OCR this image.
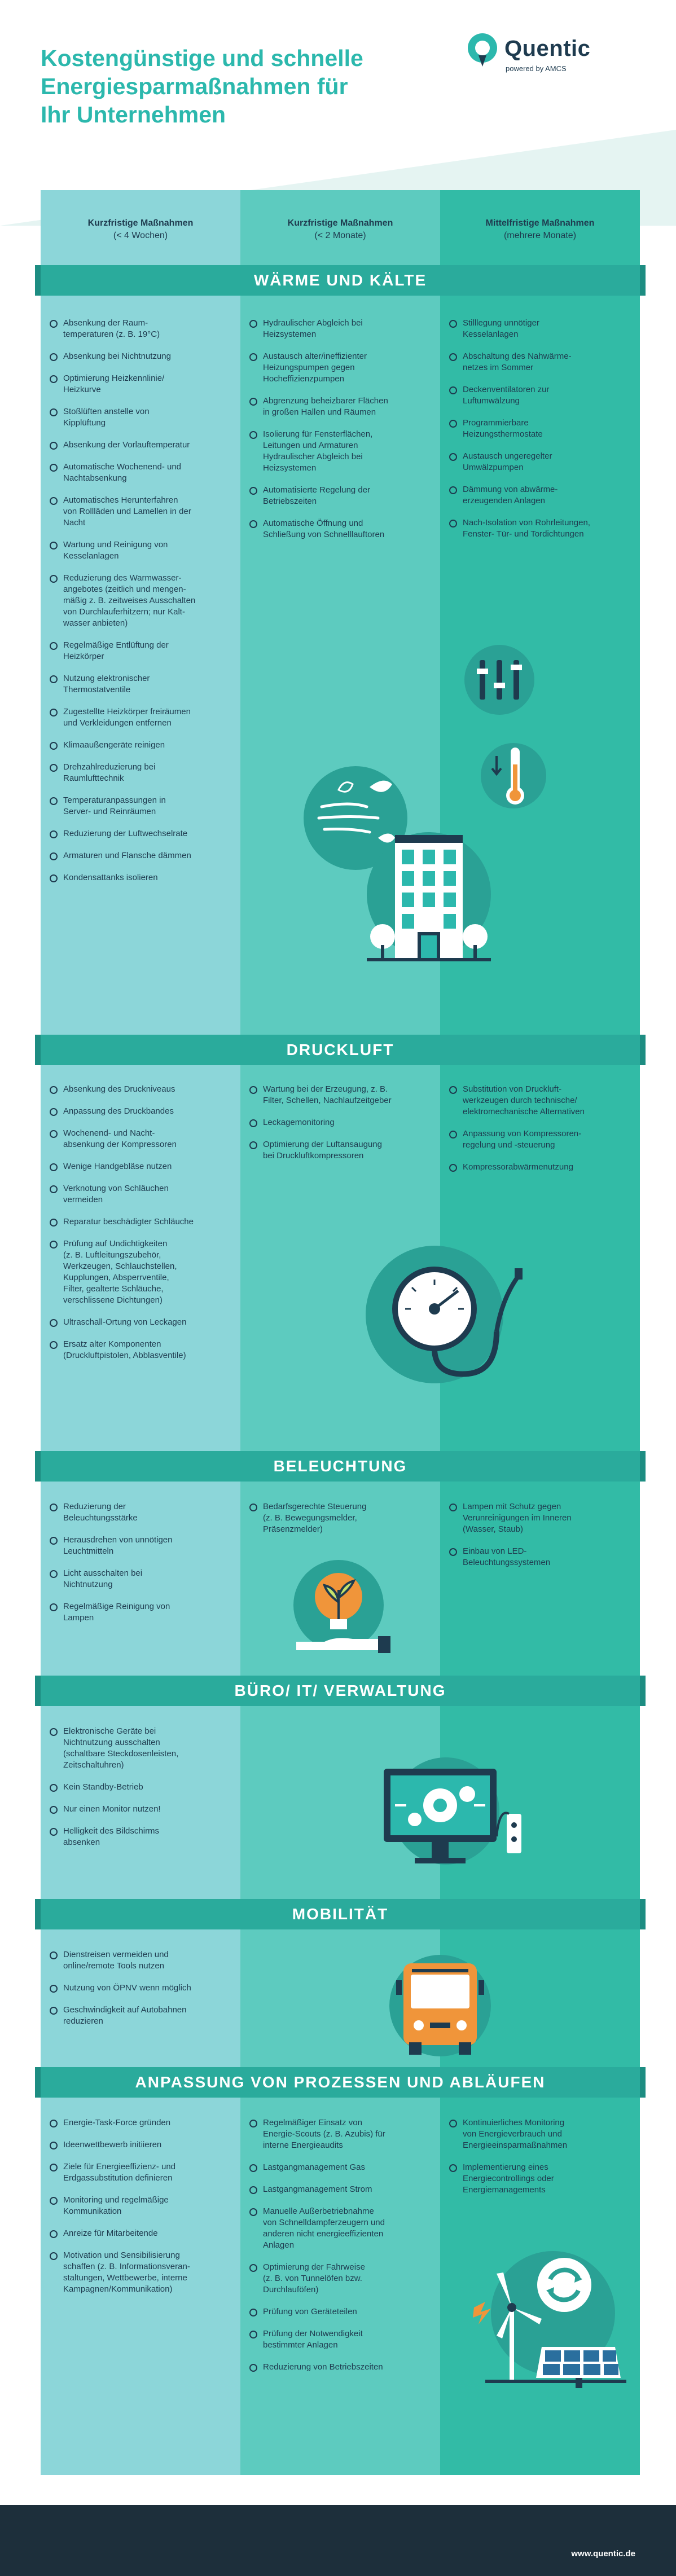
Kostengünstige und schnelle
Energiesparmaßnahmen für
Ihr Unternehmen
Quentic
powered by AMCS
Kurzfristige Maßnahmen
(< 4 Wochen)
Kurzfristige Maßnahmen
(< 2 Monate)
Mittelfristige Maßnahmen
(mehrere Monate)
WÄRME UND KÄLTE
DRUCKLUFT
BELEUCHTUNG
BÜRO/ IT/ VERWALTUNG
MOBILITÄT
ANPASSUNG VON PROZESSEN UND ABLÄUFEN
Absenkung der Raum-
temperaturen (z. B. 19°C)
Absenkung bei Nichtnutzung
Optimierung Heizkennlinie/
Heizkurve
Stoßlüften anstelle von
Kipplüftung
Absenkung der Vorlauftemperatur
Automatische Wochenend- und
Nachtabsenkung
Automatisches Herunterfahren
von Rollläden und Lamellen in der
Nacht
Wartung und Reinigung von
Kesselanlagen
Reduzierung des Warmwasser-
angebotes (zeitlich und mengen-
mäßig z. B. zeitweises Ausschalten
von Durchlauferhitzern; nur Kalt-
wasser anbieten)
Regelmäßige Entlüftung der
Heizkörper
Nutzung elektronischer
Thermostatventile
Zugestellte Heizkörper freiräumen
und Verkleidungen entfernen
Klimaaußengeräte reinigen
Drehzahlreduzierung bei
Raumlufttechnik
Temperaturanpassungen in
Server- und Reinräumen
Reduzierung der Luftwechselrate
Armaturen und Flansche dämmen
Kondensattanks isolieren
Hydraulischer Abgleich bei
Heizsystemen
Austausch alter/ineffizienter
Heizungspumpen gegen
Hocheffizienzpumpen
Abgrenzung beheizbarer Flächen
in großen Hallen und Räumen
Isolierung für Fensterflächen,
Leitungen und Armaturen
Hydraulischer Abgleich bei
Heizsystemen
Automatisierte Regelung der
Betriebszeiten
Automatische Öffnung und
Schließung von Schnelllauftoren
Stilllegung unnötiger
Kesselanlagen
Abschaltung des Nahwärme-
netzes im Sommer
Deckenventilatoren zur
Luftumwälzung
Programmierbare
Heizungsthermostate
Austausch ungeregelter
Umwälzpumpen
Dämmung von abwärme-
erzeugenden Anlagen
Nach-Isolation von Rohrleitungen,
Fenster- Tür- und Tordichtungen
Absenkung des Druckniveaus
Anpassung des Druckbandes
Wochenend- und Nacht-
absenkung der Kompressoren
Wenige Handgebläse nutzen
Verknotung von Schläuchen
vermeiden
Reparatur beschädigter Schläuche
Prüfung auf Undichtigkeiten
(z. B. Luftleitungszubehör,
Werkzeugen, Schlauchstellen,
Kupplungen, Absperrventile,
Filter, gealterte Schläuche,
verschlissene Dichtungen)
Ultraschall-Ortung von Leckagen
Ersatz alter Komponenten
(Druckluftpistolen, Abblasventile)
Wartung bei der Erzeugung, z. B.
Filter, Schellen, Nachlaufzeitgeber
Leckagemonitoring
Optimierung der Luftansaugung
bei Druckluftkompressoren
Substitution von Druckluft-
werkzeugen durch technische/
elektromechanische Alternativen
Anpassung von Kompressoren-
regelung und -steuerung
Kompressorabwärmenutzung
Reduzierung der
Beleuchtungsstärke
Herausdrehen von unnötigen
Leuchtmitteln
Licht ausschalten bei
Nichtnutzung
Regelmäßige Reinigung von
Lampen
Bedarfsgerechte Steuerung
(z. B. Bewegungsmelder,
Präsenzmelder)
Lampen mit Schutz gegen
Verunreinigungen im Inneren
(Wasser, Staub)
Einbau von LED-
Beleuchtungssystemen
Elektronische Geräte bei
Nichtnutzung ausschalten
(schaltbare Steckdosenleisten,
Zeitschaltuhren)
Kein Standby-Betrieb
Nur einen Monitor nutzen!
Helligkeit des Bildschirms
absenken
Dienstreisen vermeiden und
online/remote Tools nutzen
Nutzung von ÖPNV wenn möglich
Geschwindigkeit auf Autobahnen
reduzieren
Energie-Task-Force gründen
Ideenwettbewerb initiieren
Ziele für Energieeffizienz- und
Erdgassubstitution definieren
Monitoring und regelmäßige
Kommunikation
Anreize für Mitarbeitende
Motivation und Sensibilisierung
schaffen (z. B. Informationsveran-
staltungen, Wettbewerbe, interne
Kampagnen/Kommunikation)
Regelmäßiger Einsatz von
Energie-Scouts (z. B. Azubis) für
interne Energieaudits
Lastgangmanagement Gas
Lastgangmanagement Strom
Manuelle Außerbetriebnahme
von Schnelldampferzeugern und
anderen nicht energieeffizienten
Anlagen
Optimierung der Fahrweise
(z. B. von Tunnelöfen bzw.
Durchlauföfen)
Prüfung von Geräteteilen
Prüfung der Notwendigkeit
bestimmter Anlagen
Reduzierung von Betriebszeiten
Kontinuierliches Monitoring
von Energieverbrauch und
Energieeinsparmaßnahmen
Implementierung eines
Energiecontrollings oder
Energiemanagements
www.quentic.de
